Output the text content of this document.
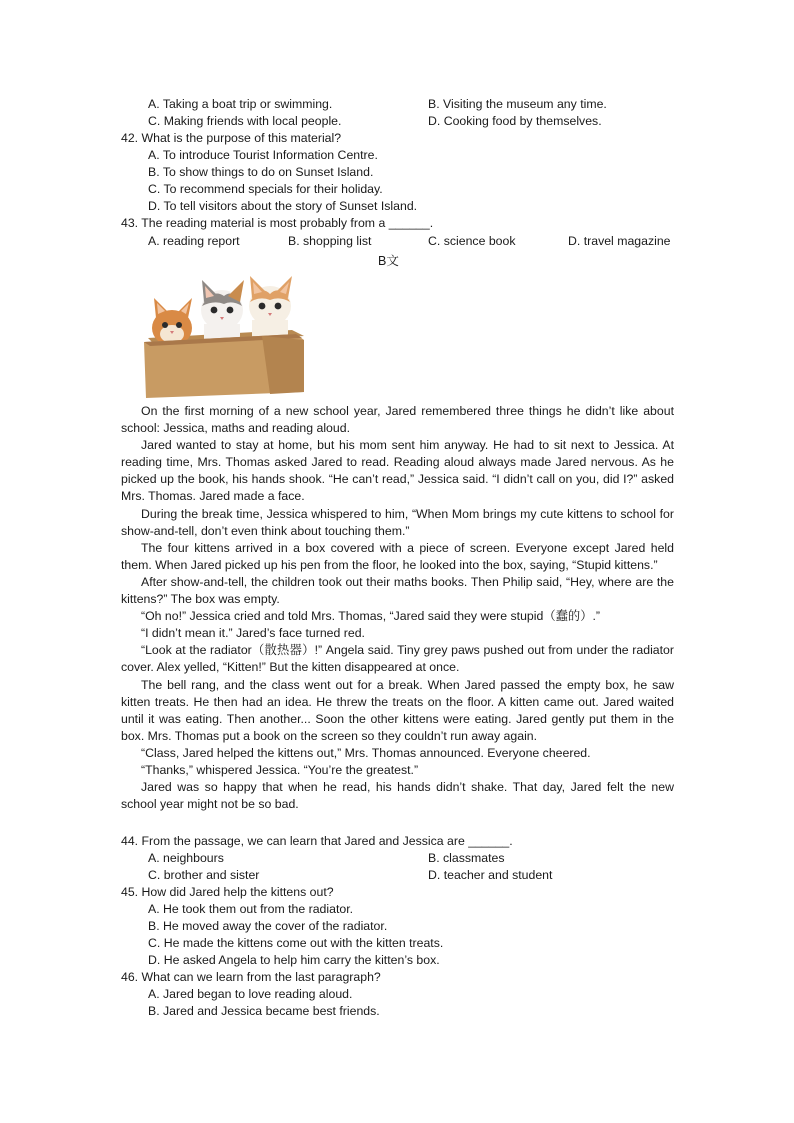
A. Taking a boat trip or swimming.	B. Visiting the museum any time.
C. Making friends with local people.	D. Cooking food by themselves.
42. What is the purpose of this material?
A. To introduce Tourist Information Centre.
B. To show things to do on Sunset Island.
C. To recommend specials for their holiday.
D. To tell visitors about the story of Sunset Island.
43. The reading material is most probably from a ______.
A. reading report	B. shopping list	C. science book	D. travel magazine
B文

On the first morning of a new school year, Jared remembered three things he didn’t like about school: Jessica, maths and reading aloud.

Jared wanted to stay at home, but his mom sent him anyway. He had to sit next to Jessica. At reading time, Mrs. Thomas asked Jared to read. Reading aloud always made Jared nervous. As he picked up the book, his hands shook. “He can’t read,” Jessica said. “I didn’t call on you, did I?” asked Mrs. Thomas. Jared made a face.

During the break time, Jessica whispered to him, “When Mom brings my cute kittens to school for show-and-tell, don’t even think about touching them.”

The four kittens arrived in a box covered with a piece of screen. Everyone except Jared held them. When Jared picked up his pen from the floor, he looked into the box, saying, “Stupid kittens.”

After show-and-tell, the children took out their maths books. Then Philip said, “Hey, where are the kittens?” The box was empty.

“Oh no!” Jessica cried and told Mrs. Thomas, “Jared said they were stupid（蠢的）.”

“I didn’t mean it.” Jared’s face turned red.

“Look at the radiator（散热器）!” Angela said. Tiny grey paws pushed out from under the radiator cover. Alex yelled, “Kitten!” But the kitten disappeared at once.

The bell rang, and the class went out for a break. When Jared passed the empty box, he saw kitten treats. He then had an idea. He threw the treats on the floor. A kitten came out. Jared waited until it was eating. Then another... Soon the other kittens were eating. Jared gently put them in the box. Mrs. Thomas put a book on the screen so they couldn’t run away again.

“Class, Jared helped the kittens out,” Mrs. Thomas announced. Everyone cheered.

“Thanks,” whispered Jessica. “You’re the greatest.”

Jared was so happy that when he read, his hands didn’t shake. That day, Jared felt the new school year might not be so bad.

44. From the passage, we can learn that Jared and Jessica are ______.
A. neighbours	B. classmates
C. brother and sister	D. teacher and student
45. How did Jared help the kittens out?
A. He took them out from the radiator.
B. He moved away the cover of the radiator.
C. He made the kittens come out with the kitten treats.
D. He asked Angela to help him carry the kitten’s box.
46. What can we learn from the last paragraph?
A. Jared began to love reading aloud.
B. Jared and Jessica became best friends.
